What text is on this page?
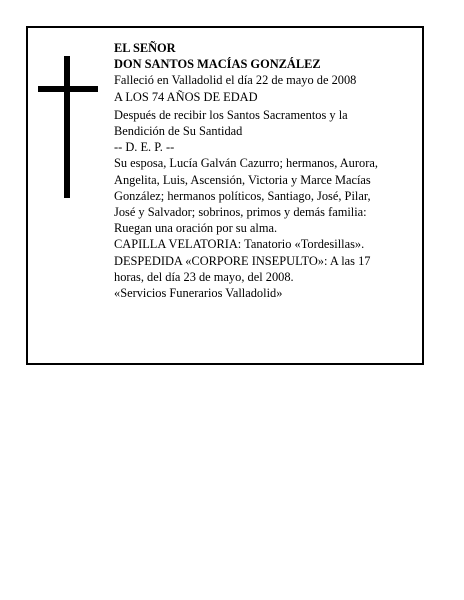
EL SEÑOR
DON SANTOS MACÍAS GONZÁLEZ
Falleció en Valladolid el día 22 de mayo de 2008
A LOS 74 AÑOS DE EDAD
Después de recibir los Santos Sacramentos y la
Bendición de Su Santidad
-- D. E. P. --
Su esposa, Lucía Galván Cazurro; hermanos, Aurora,
Angelita, Luis, Ascensión, Victoria y Marce Macías
González; hermanos políticos, Santiago, José, Pilar,
José y Salvador; sobrinos, primos y demás familia:
Ruegan una oración por su alma.
CAPILLA VELATORIA: Tanatorio «Tordesillas».
DESPEDIDA «CORPORE INSEPULTO»: A las 17
horas, del día 23 de mayo, del 2008.
«Servicios Funerarios Valladolid»
